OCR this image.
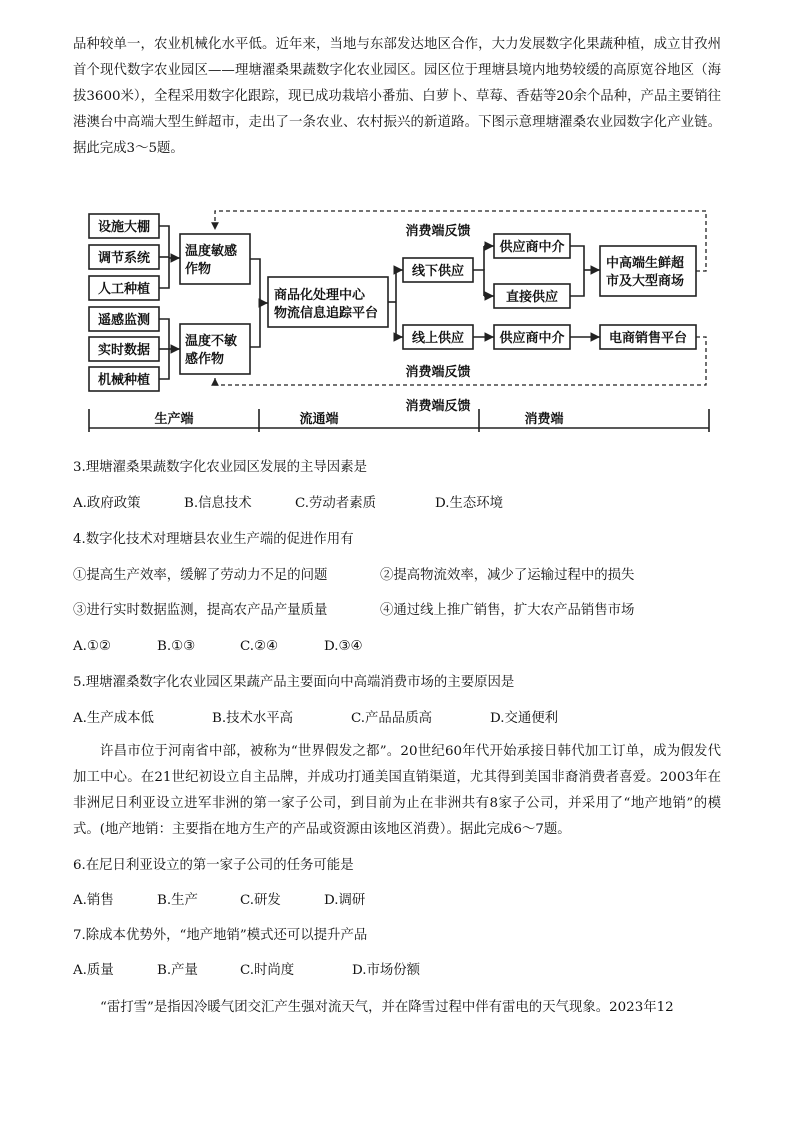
品种较单一，农业机械化水平低。近年来，当地与东部发达地区合作，大力发展数字化果蔬种植，成立甘孜州首个现代数字农业园区——理塘濯桑果蔬数字化农业园区。园区位于理塘县境内地势较缓的高原宽谷地区（海拔3600米），全程采用数字化跟踪，现已成功栽培小番茄、白萝卜、草莓、香菇等20余个品种，产品主要销往港澳台中高端大型生鲜超市，走出了一条农业、农村振兴的新道路。下图示意理塘濯桑农业园数字化产业链。据此完成3～5题。

设施大棚
调节系统
人工种植
遥感监测
实时数据
机械种植
温度敏感作物
温度不敏感作物
商品化处理中心物流信息追踪平台
线下供应
线上供应
供应商中介
直接供应
供应商中介
中高端生鲜超市及大型商场
电商销售平台
消费端反馈
消费端反馈
消费端反馈
生产端	流通端	消费端

3.理塘濯桑果蔬数字化农业园区发展的主导因素是

A.政府政策	B.信息技术	C.劳动者素质	D.生态环境

4.数字化技术对理塘县农业生产端的促进作用有

①提高生产效率，缓解了劳动力不足的问题	②提高物流效率，减少了运输过程中的损失
③进行实时数据监测，提高农产品产量质量	④通过线上推广销售，扩大农产品销售市场
A.①②	B.①③	C.②④	D.③④

5.理塘濯桑数字化农业园区果蔬产品主要面向中高端消费市场的主要原因是

A.生产成本低	B.技术水平高	C.产品品质高	D.交通便利

许昌市位于河南省中部，被称为“世界假发之都”。20世纪60年代开始承接日韩代加工订单，成为假发代加工中心。在21世纪初设立自主品牌，并成功打通美国直销渠道，尤其得到美国非裔消费者喜爱。2003年在非洲尼日利亚设立进军非洲的第一家子公司，到目前为止在非洲共有8家子公司，并采用了“地产地销”的模式。(地产地销：主要指在地方生产的产品或资源由该地区消费）。据此完成6～7题。

6.在尼日利亚设立的第一家子公司的任务可能是

A.销售	B.生产	C.研发	D.调研

7.除成本优势外，“地产地销”模式还可以提升产品

A.质量	B.产量	C.时尚度	D.市场份额

“雷打雪”是指因冷暖气团交汇产生强对流天气，并在降雪过程中伴有雷电的天气现象。2023年12
